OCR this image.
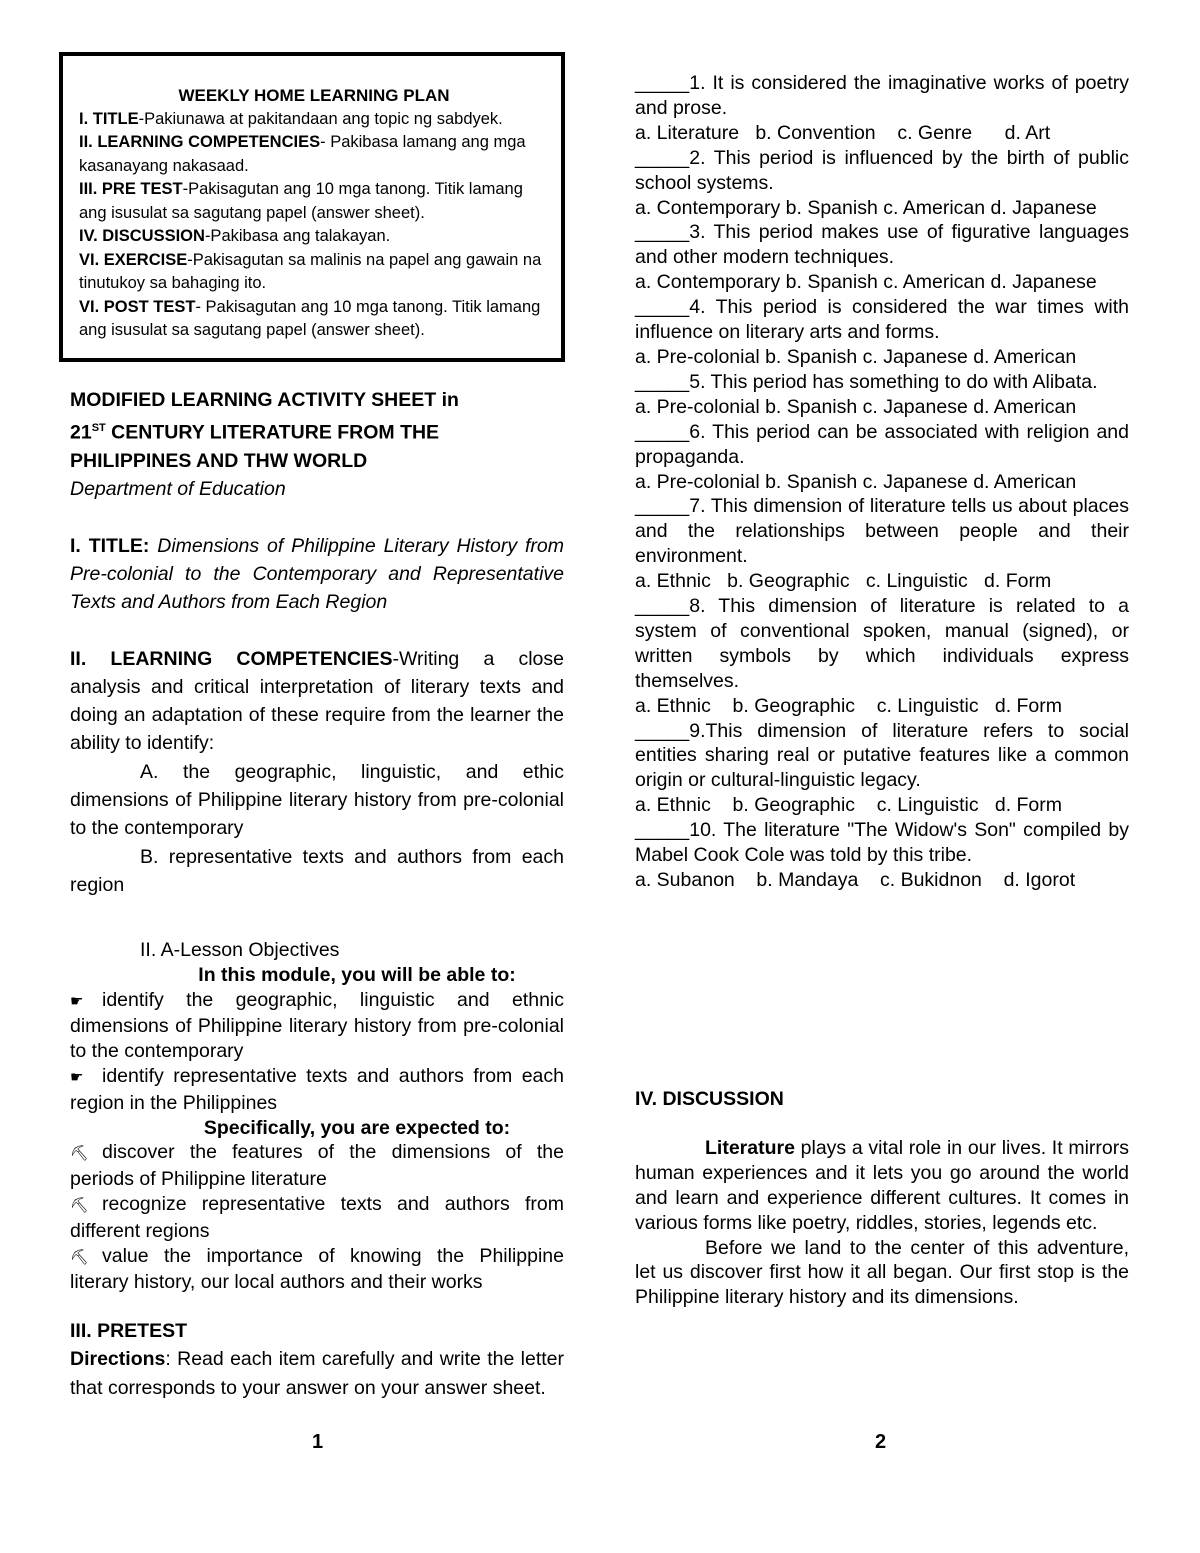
WEEKLY HOME LEARNING PLAN

I. TITLE-Pakiunawa at pakitandaan ang topic ng sabdyek.

II. LEARNING COMPETENCIES- Pakibasa lamang ang mga kasanayang nakasaad.

III. PRE TEST-Pakisagutan ang 10 mga tanong. Titik lamang ang isusulat sa sagutang papel (answer sheet).

IV. DISCUSSION-Pakibasa ang talakayan.

VI. EXERCISE-Pakisagutan sa malinis na papel ang gawain na tinutukoy sa bahaging ito.

VI. POST TEST- Pakisagutan ang 10 mga tanong. Titik lamang ang isusulat sa sagutang papel (answer sheet).

MODIFIED LEARNING ACTIVITY SHEET in

21ST CENTURY LITERATURE FROM THE

PHILIPPINES AND THW WORLD

Department of Education

I. TITLE: Dimensions of Philippine Literary History from Pre-colonial to the Contemporary and Representative Texts and Authors from Each Region

II. LEARNING COMPETENCIES-Writing a close analysis and critical interpretation of literary texts and doing an adaptation of these require from the learner the ability to identify:

A. the geographic, linguistic, and ethic dimensions of Philippine literary history from pre-colonial to the contemporary

B. representative texts and authors from each region

II. A-Lesson Objectives

In this module, you will be able to:

☛ identify the geographic, linguistic and ethnic dimensions of Philippine literary history from pre-colonial to the contemporary

☛ identify representative texts and authors from each region in the Philippines

Specifically, you are expected to:

⛏ discover the features of the dimensions of the periods of Philippine literature

⛏ recognize representative texts and authors from different regions

⛏ value the importance of knowing the Philippine literary history, our local authors and their works

III. PRETEST

Directions: Read each item carefully and write the letter that corresponds to your answer on your answer sheet.

_____1. It is considered the imaginative works of poetry and prose.

a. Literature   b. Convention    c. Genre      d. Art

_____2. This period is influenced by the birth of public school systems.

a. Contemporary b. Spanish c. American d. Japanese

_____3. This period makes use of figurative languages and other modern techniques.

a. Contemporary b. Spanish c. American d. Japanese

_____4. This period is considered the war times with influence on literary arts and forms.

a. Pre-colonial b. Spanish c. Japanese d. American

_____5. This period has something to do with Alibata.

a. Pre-colonial b. Spanish c. Japanese d. American

_____6. This period can be associated with religion and propaganda.

a. Pre-colonial b. Spanish c. Japanese d. American

_____7. This dimension of literature tells us about places and the relationships between people and their environment.

a. Ethnic   b. Geographic   c. Linguistic   d. Form

_____8. This dimension of literature is related to a system of conventional spoken, manual (signed), or written symbols by which individuals express themselves.

a. Ethnic    b. Geographic    c. Linguistic   d. Form

_____9.This dimension of literature refers to social entities sharing real or putative features like a common origin or cultural-linguistic legacy.

a. Ethnic    b. Geographic    c. Linguistic   d. Form

_____10. The literature "The Widow's Son" compiled by Mabel Cook Cole was told by this tribe.

a. Subanon    b. Mandaya    c. Bukidnon    d. Igorot

IV. DISCUSSION

Literature plays a vital role in our lives. It mirrors human experiences and it lets you go around the world and learn and experience different cultures. It comes in various forms like poetry, riddles, stories, legends etc.

Before we land to the center of this adventure, let us discover first how it all began. Our first stop is the Philippine literary history and its dimensions.

1	2
